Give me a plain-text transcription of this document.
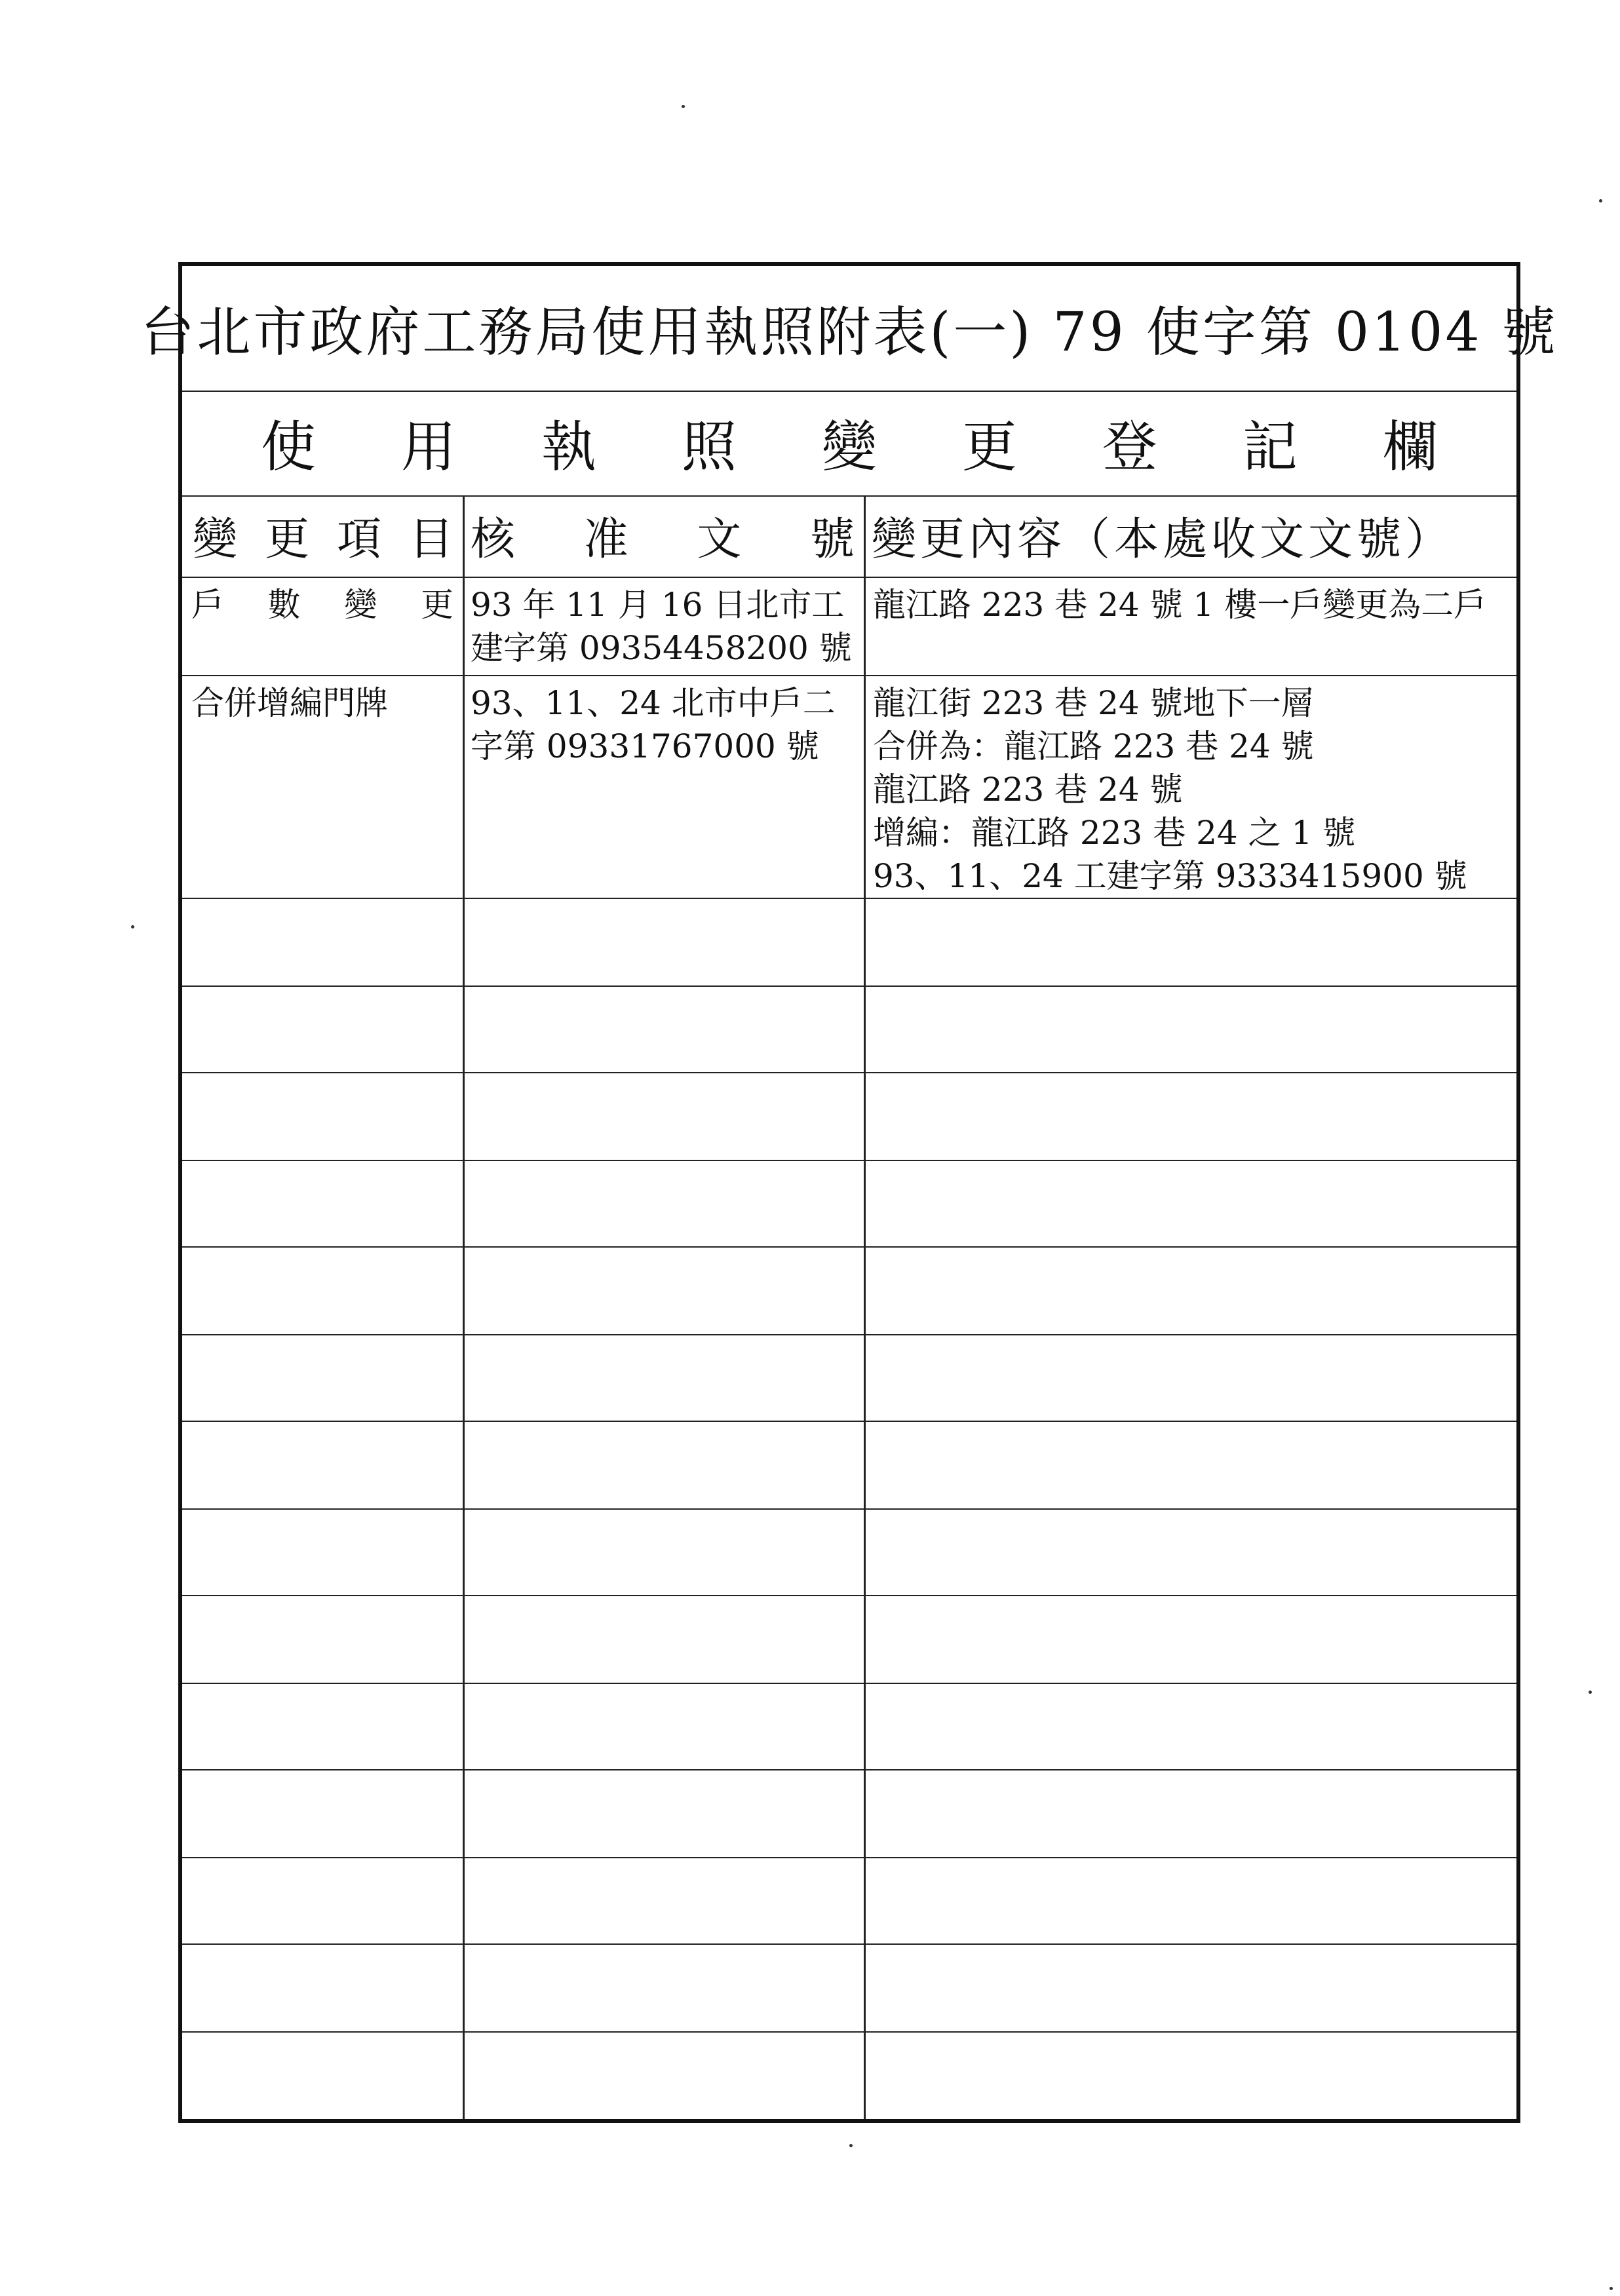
台北市政府工務局使用執照附表(一) 79 使字第 0104 號
使 用 執 照 變 更 登 記 欄
變 更 項 目 核 准 文 號 變更內容（本處收文文號）
戶 數 變 更 93 年 11 月 16 日北市工
建字第 09354458200 號
龍江路 223 巷 24 號 1 樓一戶變更為二戶
合併增編門牌	93、11、24 北市中戶二
字第 09331767000 號
龍江街 223 巷 24 號地下一層
合併為：龍江路 223 巷 24 號
龍江路 223 巷 24 號
增編：龍江路 223 巷 24 之 1 號
93、11、24 工建字第 9333415900 號
